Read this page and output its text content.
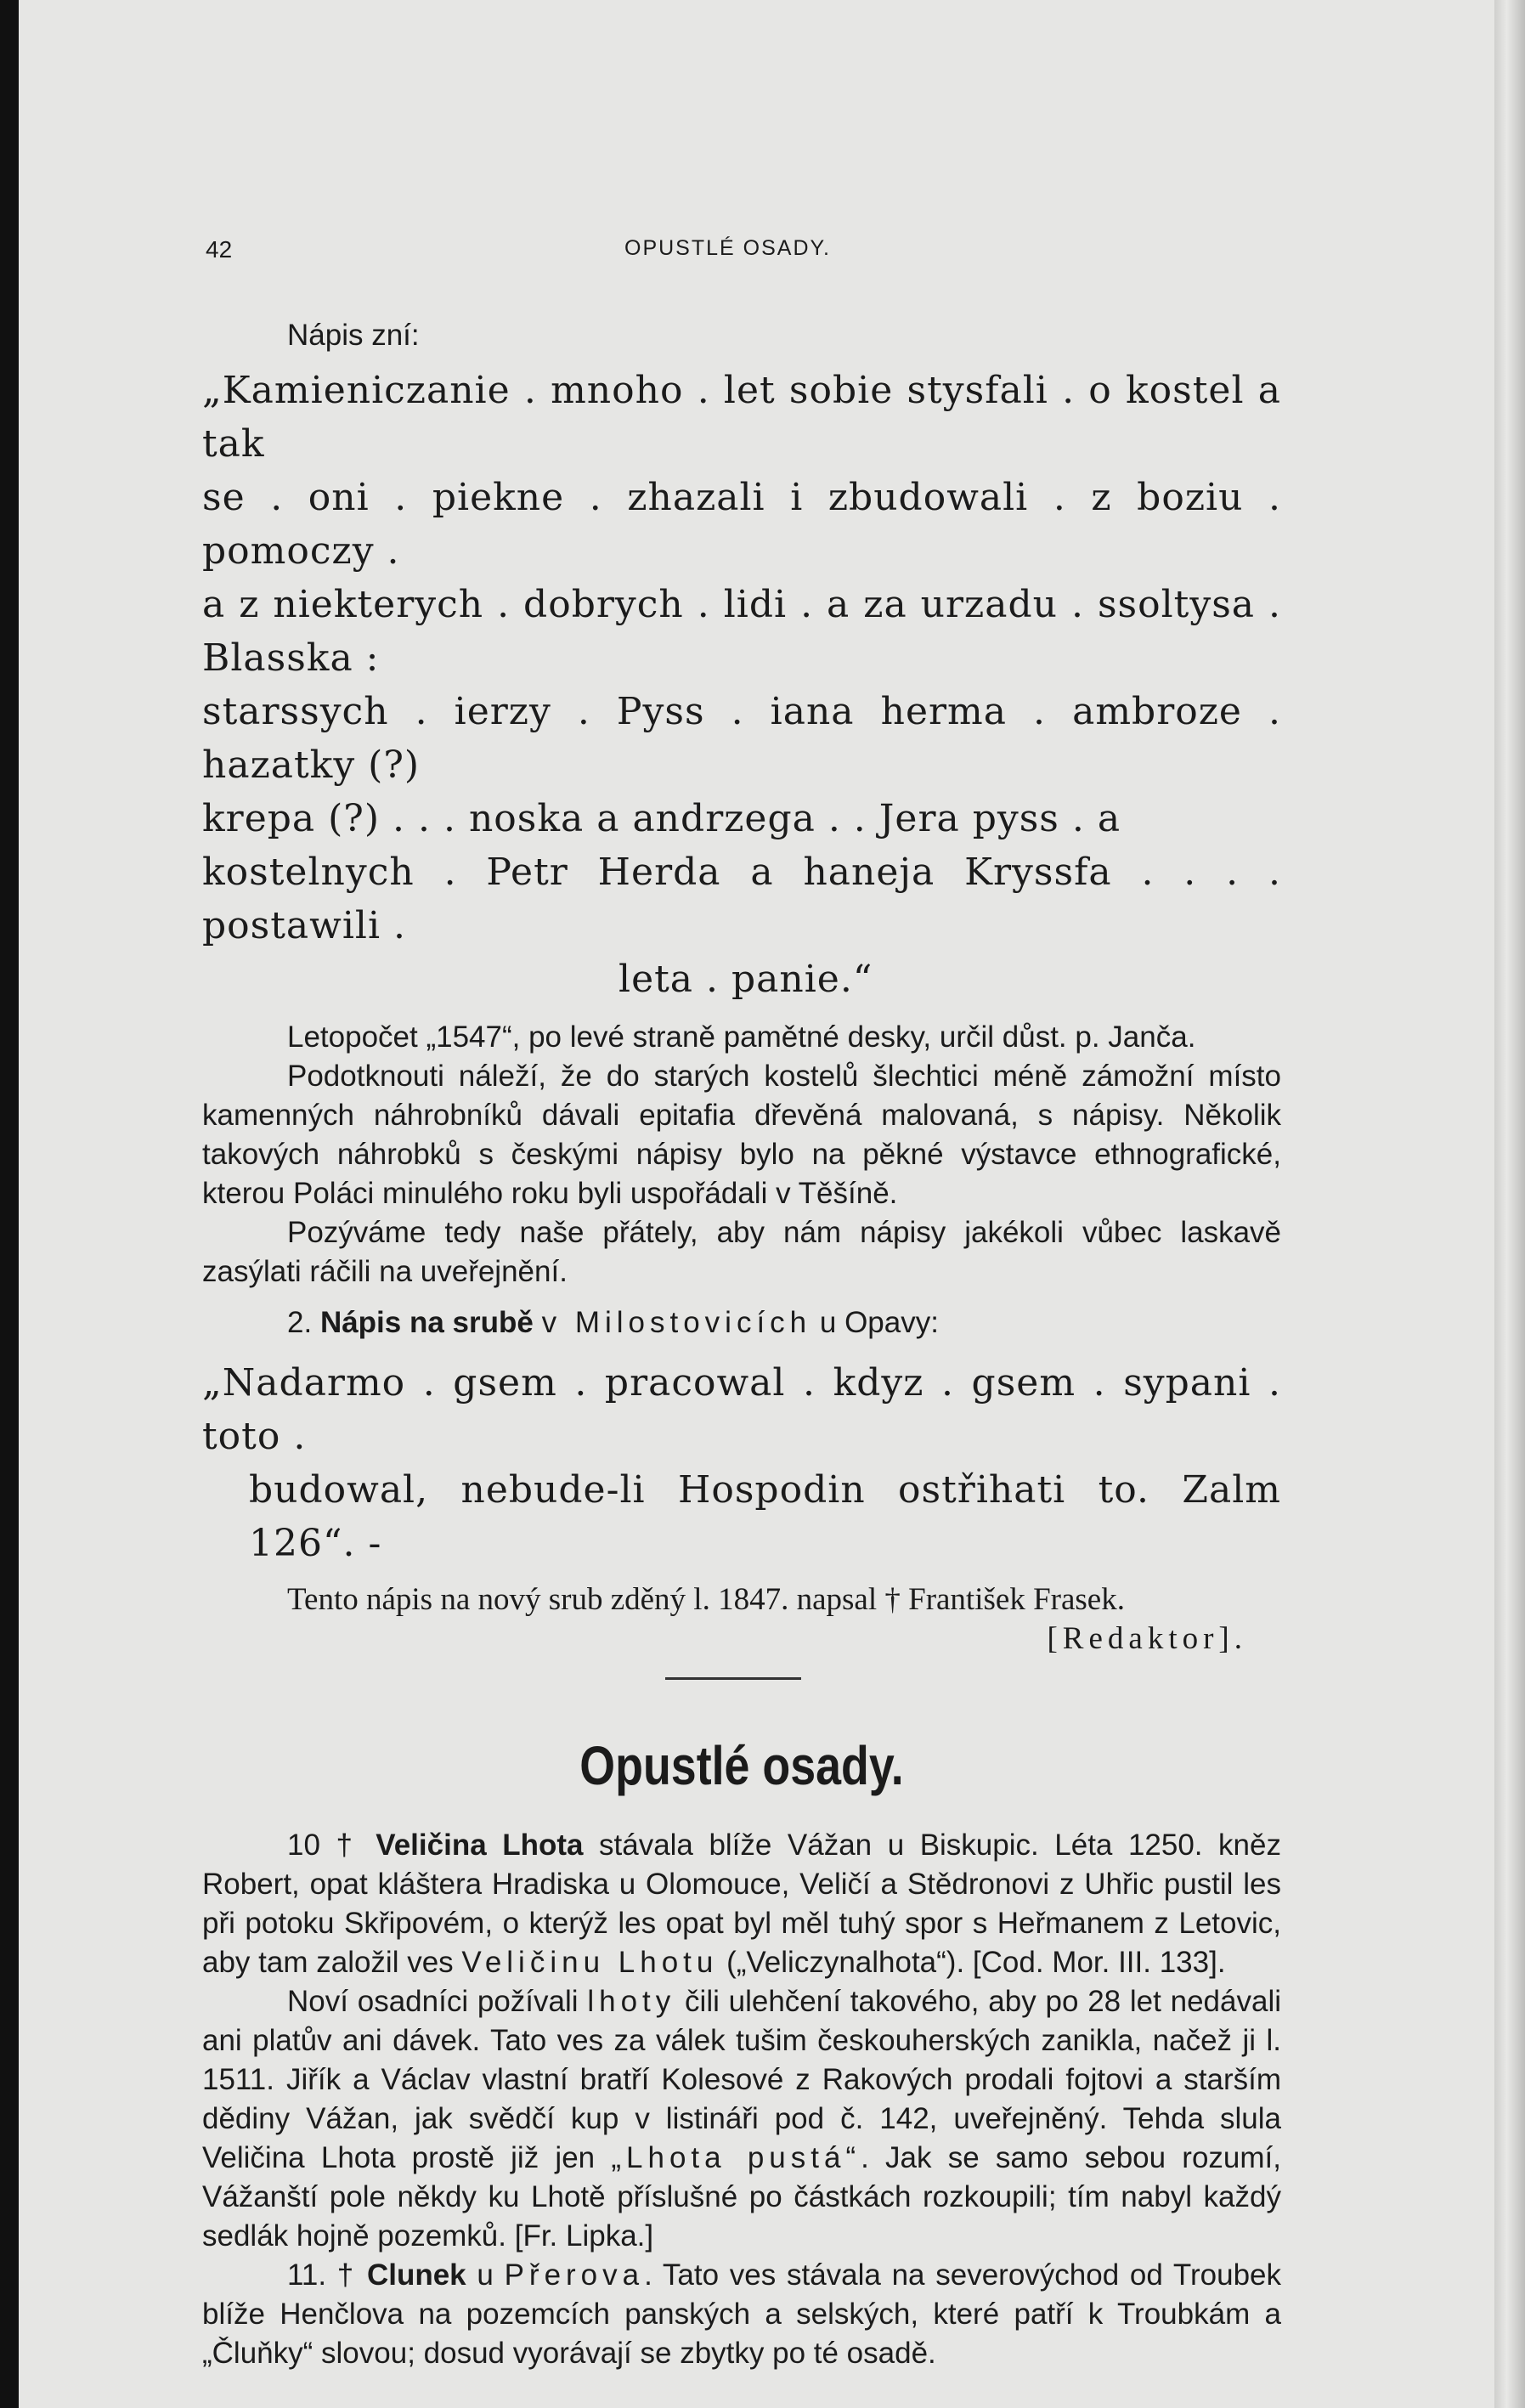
42	OPUSTLÉ OSADY.

Nápis zní:

„Kamieniczanie . mnoho . let sobie stysfali . o kostel a tak
se . oni . piekne . zhazali i zbudowali . z boziu . pomoczy .
a z niekterych . dobrych . lidi . a za urzadu . ssoltysa . Blasska :
starssych . ierzy . Pyss . iana herma . ambroze . hazatky (?)
krepa (?) . . . noska a andrzega . . Jera pyss . a
kostelnych . Petr Herda a haneja Kryssfa . . . . postawili .
leta . panie.“

Letopočet „1547“, po levé straně pamětné desky, určil důst. p. Janča.

Podotknouti náleží, že do starých kostelů šlechtici méně zámožní místo kamenných náhrobníků dávali epitafia dřevěná malovaná, s nápisy. Několik takových náhrobků s českými nápisy bylo na pěkné výstavce ethnografické, kterou Poláci minulého roku byli uspořádali v Těšíně.

Pozýváme tedy naše přátely, aby nám nápisy jakékoli vůbec laskavě zasýlati ráčili na uveřejnění.

2. Nápis na srubě v Milostovicích u Opavy:

„Nadarmo . gsem . pracowal . kdyz . gsem . sypani . toto .
budowal, nebude-li Hospodin ostřihati to. Zalm 126“. -

Tento nápis na nový srub zděný l. 1847. napsal † František Frasek.

[Redaktor].

Opustlé osady.

10 † Veličina Lhota stávala blíže Vážan u Biskupic. Léta 1250. kněz Robert, opat kláštera Hradiska u Olomouce, Veličí a Stědronovi z Uhřic pustil les při potoku Skřipovém, o kterýž les opat byl měl tuhý spor s Heřmanem z Letovic, aby tam založil ves Veličinu Lhotu („Veliczynalhota“). [Cod. Mor. III. 133].

Noví osadníci požívali lhoty čili ulehčení takového, aby po 28 let nedávali ani platův ani dávek. Tato ves za válek tušim českouherských zanikla, načež ji l. 1511. Jiřík a Václav vlastní bratří Kolesové z Rakových prodali fojtovi a starším dědiny Vážan, jak svědčí kup v listináři pod č. 142, uveřejněný. Tehda slula Veličina Lhota prostě již jen „Lhota pustá“. Jak se samo sebou rozumí, Vážanští pole někdy ku Lhotě příslušné po částkách rozkoupili; tím nabyl každý sedlák hojně pozemků. [Fr. Lipka.]

11. † Clunek u Přerova. Tato ves stávala na severovýchod od Troubek blíže Henčlova na pozemcích panských a selských, které patří k Troubkám a „Čluňky“ slovou; dosud vyorávají se zbytky po té osadě.
